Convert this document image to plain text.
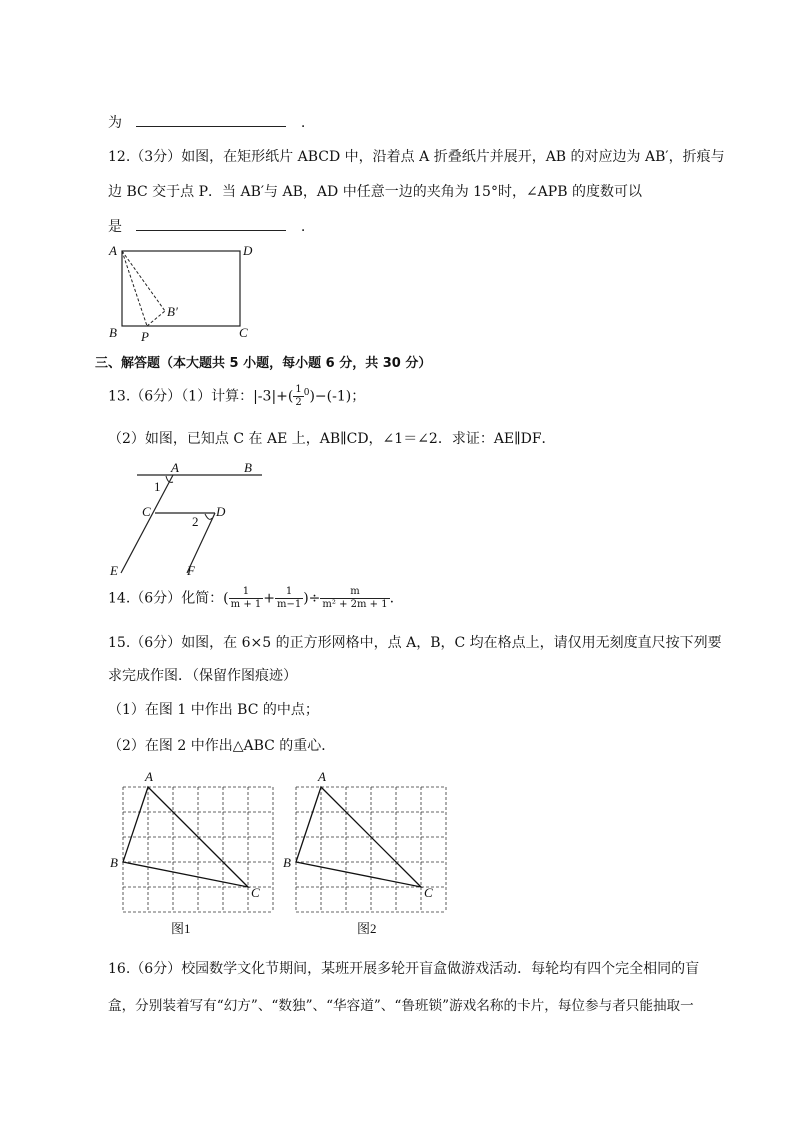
为	.
12.（3分）如图，在矩形纸片 ABCD 中，沿着点 A 折叠纸片并展开，AB 的对应边为 AB′，折痕与
边 BC 交于点 P．当 AB′与 AB，AD 中任意一边的夹角为 15°时，∠APB 的度数可以
是	.
A	D
B	C
P
B′
三、解答题（本大题共 5 小题，每小题 6 分，共 30 分）
13.（6分）（1）计算：$|-3|+( \frac{1}{2} ^0)-(-1)$；
（2）如图，已知点 C 在 AE 上，AB∥CD，∠1＝∠2．求证：AE∥DF．
A	B
1
C
2
D
E	F
14.（6分）化简：( $\frac{1}{m + 1} + \frac{1}{m-1}$ )÷ $\frac{m}{\text{m² + 2m + 1}}$ .
15.（6分）如图，在 6×5 的正方形网格中，点 A，B，C 均在格点上，请仅用无刻度直尺按下列要
求完成作图．（保留作图痕迹）
（1）在图 1 中作出 BC 的中点；
（2）在图 2 中作出△ABC 的重心．
A
B
C
图1
A
B
C
图2
16.（6分）校园数学文化节期间，某班开展多轮开盲盒做游戏活动．每轮均有四个完全相同的盲
盒，分别装着写有“幻方”、“数独”、“华容道”、“鲁班锁”游戏名称的卡片，每位参与者只能抽取一
